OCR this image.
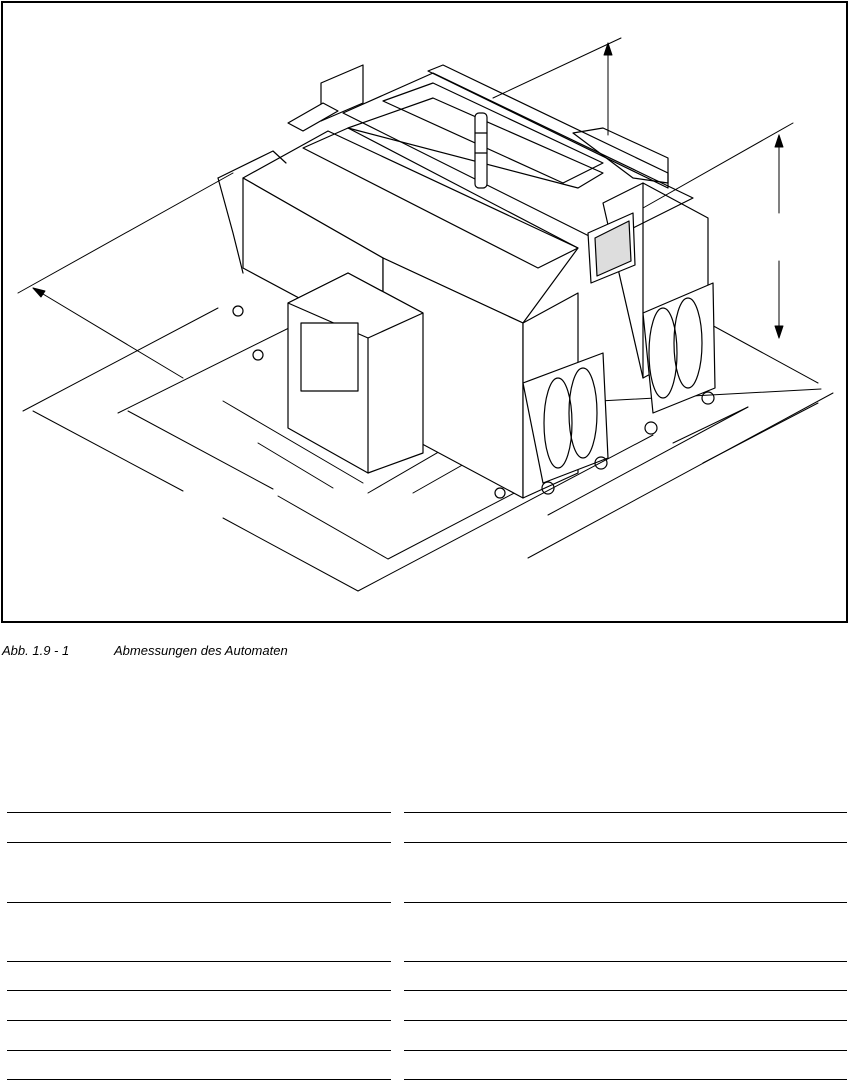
Abb. 1.9 - 1	Abmessungen des Automaten
